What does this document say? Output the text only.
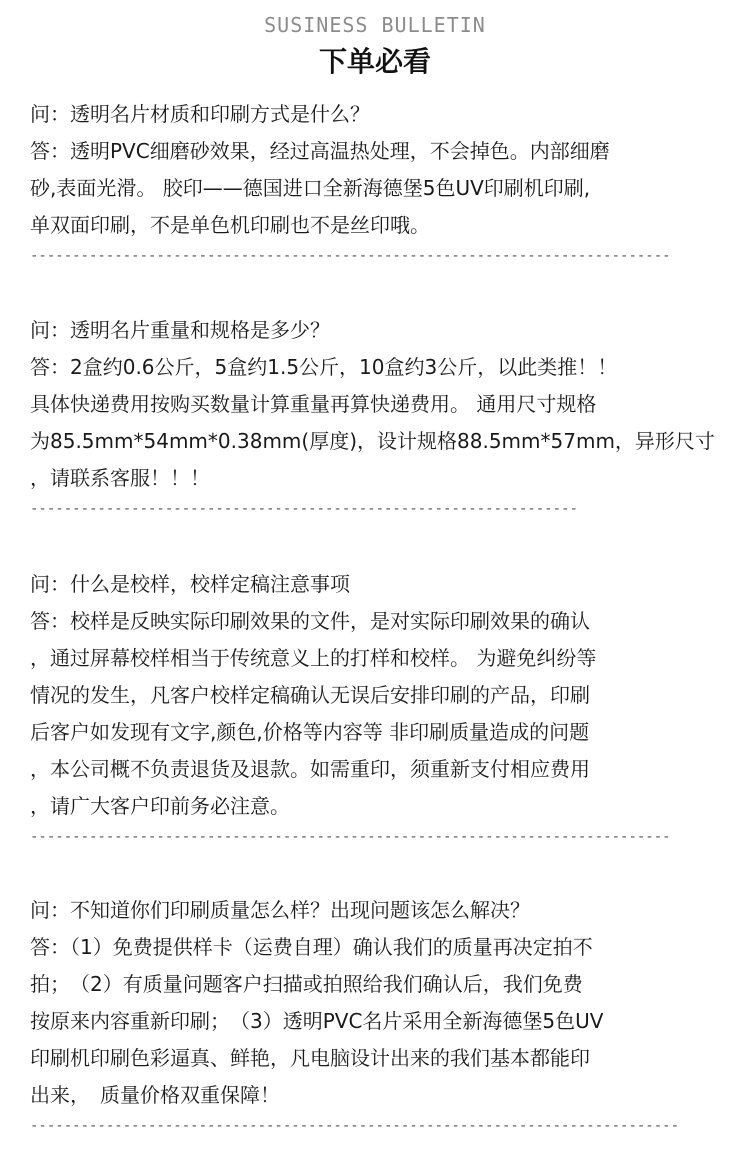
SUSINESS BULLETIN
下单必看

问：透明名片材质和印刷方式是什么？

答：透明PVC细磨砂效果，经过高温热处理，不会掉色。内部细磨

砂,表面光滑。 胶印——德国进口全新海德堡5色UV印刷机印刷,

单双面印刷，不是单色机印刷也不是丝印哦。

----------------------------------------------------------------------------

问：透明名片重量和规格是多少？

答：2盒约0.6公斤，5盒约1.5公斤，10盒约3公斤，以此类推！！

具体快递费用按购买数量计算重量再算快递费用。 通用尺寸规格

为85.5mm*54mm*0.38mm(厚度)，设计规格88.5mm*57mm，异形尺寸

，请联系客服！！！

-----------------------------------------------------------------

问：什么是校样，校样定稿注意事项

答：校样是反映实际印刷效果的文件，是对实际印刷效果的确认

，通过屏幕校样相当于传统意义上的打样和校样。 为避免纠纷等

情况的发生，凡客户校样定稿确认无误后安排印刷的产品，印刷

后客户如发现有文字,颜色,价格等内容等 非印刷质量造成的问题

，本公司概不负责退货及退款。如需重印，须重新支付相应费用

，请广大客户印前务必注意。

----------------------------------------------------------------------------

问：不知道你们印刷质量怎么样？出现问题该怎么解决？

答：（1）免费提供样卡（运费自理）确认我们的质量再决定拍不

拍；　（2）有质量问题客户扫描或拍照给我们确认后，我们免费

按原来内容重新印刷；　（3）透明PVC名片采用全新海德堡5色UV

印刷机印刷色彩逼真、鲜艳，凡电脑设计出来的我们基本都能印

出来，　质量价格双重保障！

-----------------------------------------------------------------------------
